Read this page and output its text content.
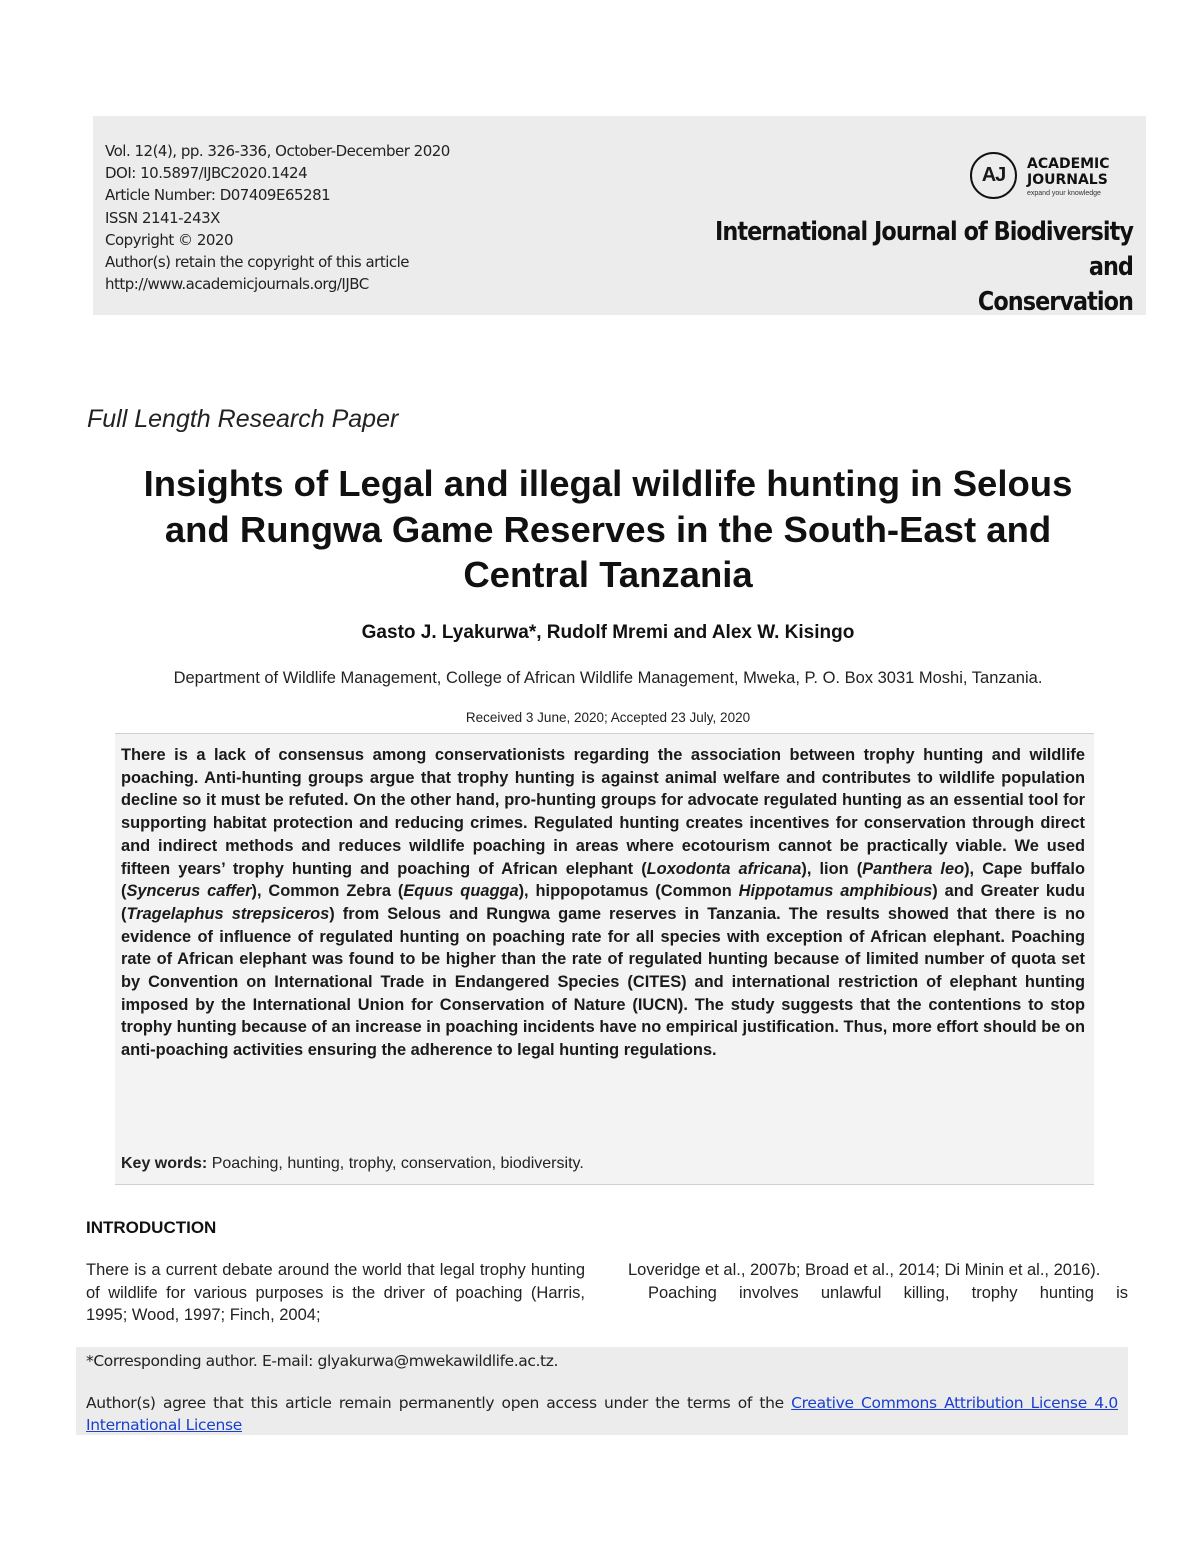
Vol. 12(4), pp. 326-336, October-December 2020
DOI: 10.5897/IJBC2020.1424
Article Number: D07409E65281
ISSN 2141-243X
Copyright © 2020
Author(s) retain the copyright of this article
http://www.academicjournals.org/IJBC
AJ	ACADEMIC
JOURNALS
expand your knowledge
International Journal of Biodiversity and
Conservation
Full Length Research Paper
Insights of Legal and illegal wildlife hunting in Selous
and Rungwa Game Reserves in the South-East and
Central Tanzania
Gasto J. Lyakurwa*, Rudolf Mremi and Alex W. Kisingo
Department of Wildlife Management, College of African Wildlife Management, Mweka, P. O. Box 3031 Moshi, Tanzania.
Received 3 June, 2020; Accepted 23 July, 2020

There is a lack of consensus among conservationists regarding the association between trophy hunting and wildlife poaching. Anti-hunting groups argue that trophy hunting is against animal welfare and contributes to wildlife population decline so it must be refuted. On the other hand, pro-hunting groups for advocate regulated hunting as an essential tool for supporting habitat protection and reducing crimes. Regulated hunting creates incentives for conservation through direct and indirect methods and reduces wildlife poaching in areas where ecotourism cannot be practically viable. We used fifteen years’ trophy hunting and poaching of African elephant (Loxodonta africana), lion (Panthera leo), Cape buffalo (Syncerus caffer), Common Zebra (Equus quagga), hippopotamus (Common Hippotamus amphibious) and Greater kudu (Tragelaphus strepsiceros) from Selous and Rungwa game reserves in Tanzania. The results showed that there is no evidence of influence of regulated hunting on poaching rate for all species with exception of African elephant. Poaching rate of African elephant was found to be higher than the rate of regulated hunting because of limited number of quota set by Convention on International Trade in Endangered Species (CITES) and international restriction of elephant hunting imposed by the International Union for Conservation of Nature (IUCN). The study suggests that the contentions to stop trophy hunting because of an increase in poaching incidents have no empirical justification. Thus, more effort should be on anti-poaching activities ensuring the adherence to legal hunting regulations.

Key words: Poaching, hunting, trophy, conservation, biodiversity.
INTRODUCTION

There is a current debate around the world that legal trophy hunting of wildlife for various purposes is the driver of poaching (Harris, 1995; Wood, 1997; Finch, 2004;

Loveridge et al., 2007b; Broad et al., 2014; Di Minin et al., 2016).

Poaching involves unlawful killing, trophy hunting is

*Corresponding author. E-mail: glyakurwa@mwekawildlife.ac.tz.

Author(s) agree that this article remain permanently open access under the terms of the Creative Commons Attribution License 4.0 International License
